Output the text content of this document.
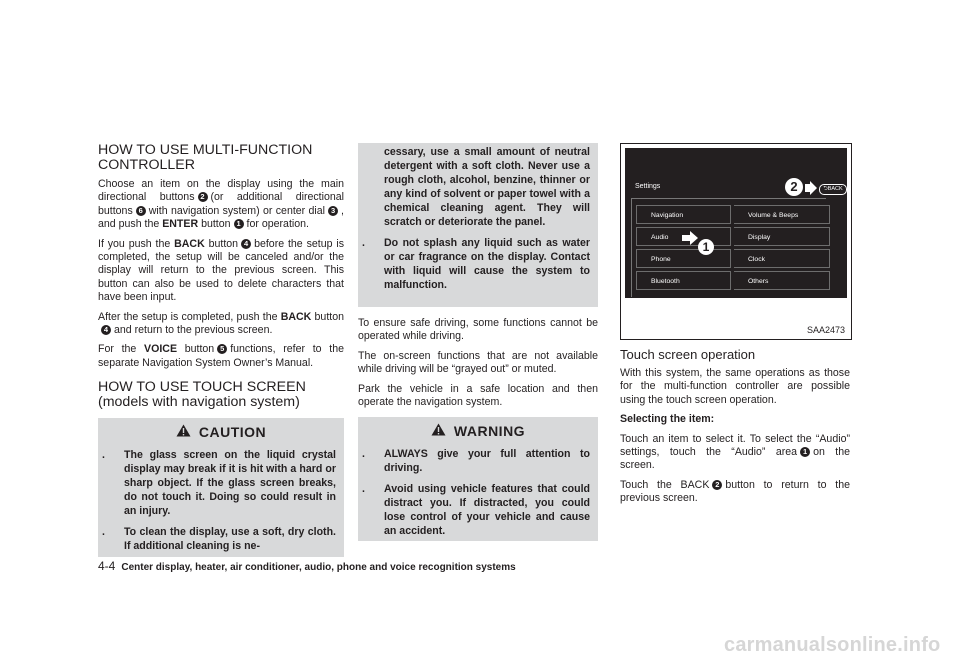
HOW TO USE MULTI-FUNCTION CONTROLLER

Choose an item on the display using the main directional buttons 2 (or additional directional buttons 6 with navigation system) or center dial 3 , and push the ENTER button 1 for operation.

If you push the BACK button 4 before the setup is completed, the setup will be canceled and/or the display will return to the previous screen. This button can also be used to delete characters that have been input.

After the setup is completed, push the BACK button4 and return to the previous screen.

For the VOICE button 5 functions, refer to the separate Navigation System Owner’s Manual.

HOW TO USE TOUCH SCREEN (models with navigation system)
CAUTION
.	The glass screen on the liquid crystal display may break if it is hit with a hard or sharp object. If the glass screen breaks, do not touch it. Doing so could result in an injury.
.	To clean the display, use a soft, dry cloth. If additional cleaning is ne-
cessary, use a small amount of neutral detergent with a soft cloth. Never use a rough cloth, alcohol, benzine, thinner or any kind of solvent or paper towel with a chemical cleaning agent. They will scratch or deteriorate the panel.
.	Do not splash any liquid such as water or car fragrance on the display. Contact with liquid will cause the system to malfunction.

To ensure safe driving, some functions cannot be operated while driving.

The on-screen functions that are not available while driving will be “grayed out” or muted.

Park the vehicle in a safe location and then operate the navigation system.

WARNING
.	ALWAYS give your full attention to driving.
.	Avoid using vehicle features that could distract you. If distracted, you could lose control of your vehicle and cause an accident.
Settings	2	⮌BACK
Navigation
Audio
Phone
Bluetooth
Volume & Beeps
Display
Clock
Others
1
SAA2473
Touch screen operation

With this system, the same operations as those for the multi-function controller are possible using the touch screen operation.

Selecting the item:

Touch an item to select it. To select the “Audio” settings, touch the “Audio” area 1 on the screen.

Touch the BACK 2 button to return to the previous screen.

4-4 Center display, heater, air conditioner, audio, phone and voice recognition systems
carmanualsonline.info
